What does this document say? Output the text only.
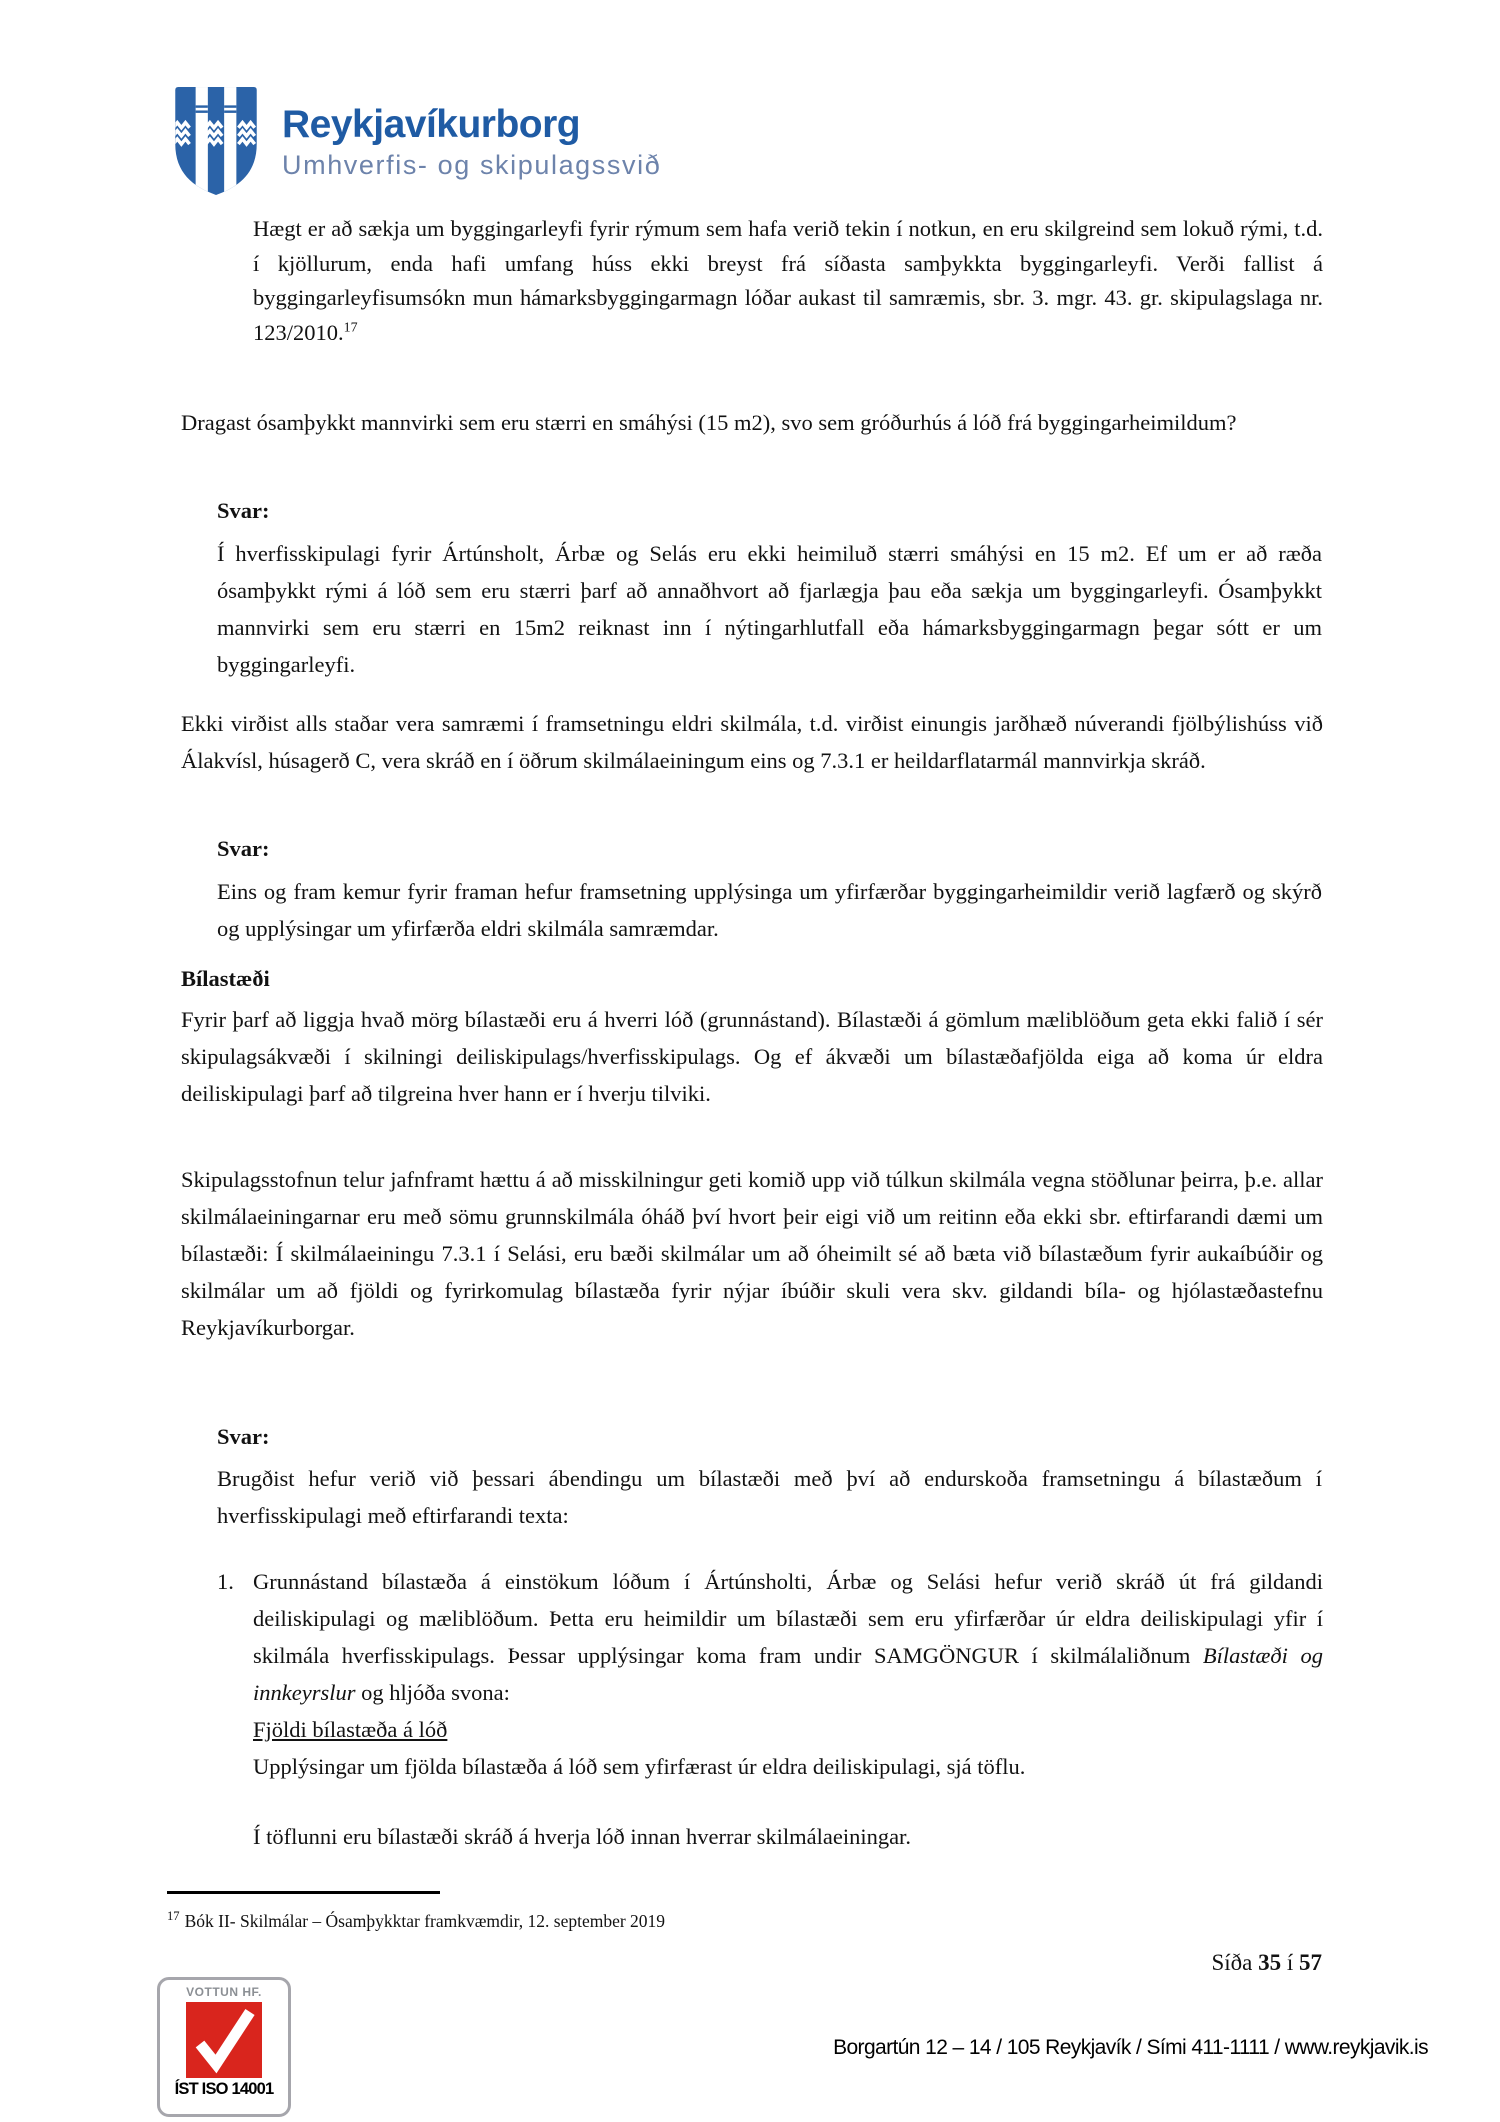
Reykjavíkurborg
Umhverfis- og skipulagssvið
Hægt er að sækja um byggingarleyfi fyrir rýmum sem hafa verið tekin í notkun, en eru skilgreind sem lokuð rými, t.d. í kjöllurum, enda hafi umfang húss ekki breyst frá síðasta samþykkta byggingarleyfi. Verði fallist á byggingarleyfisumsókn mun hámarksbyggingarmagn lóðar aukast til samræmis, sbr. 3. mgr. 43. gr. skipulagslaga nr. 123/2010.17
Dragast ósamþykkt mannvirki sem eru stærri en smáhýsi (15 m2), svo sem gróðurhús á lóð frá byggingarheimildum?
Svar:
Í hverfisskipulagi fyrir Ártúnsholt, Árbæ og Selás eru ekki heimiluð stærri smáhýsi en 15 m2. Ef um er að ræða ósamþykkt rými á lóð sem eru stærri þarf að annaðhvort að fjarlægja þau eða sækja um byggingarleyfi. Ósamþykkt mannvirki sem eru stærri en 15m2 reiknast inn í nýtingarhlutfall eða hámarksbyggingarmagn þegar sótt er um byggingarleyfi.
Ekki virðist alls staðar vera samræmi í framsetningu eldri skilmála, t.d. virðist einungis jarðhæð núverandi fjölbýlishúss við Álakvísl, húsagerð C, vera skráð en í öðrum skilmálaeiningum eins og 7.3.1 er heildarflatarmál mannvirkja skráð.
Svar:
Eins og fram kemur fyrir framan hefur framsetning upplýsinga um yfirfærðar byggingarheimildir verið lagfærð og skýrð og upplýsingar um yfirfærða eldri skilmála samræmdar.
Bílastæði
Fyrir þarf að liggja hvað mörg bílastæði eru á hverri lóð (grunnástand). Bílastæði á gömlum mæliblöðum geta ekki falið í sér skipulagsákvæði í skilningi deiliskipulags/hverfisskipulags. Og ef ákvæði um bílastæðafjölda eiga að koma úr eldra deiliskipulagi þarf að tilgreina hver hann er í hverju tilviki.
Skipulagsstofnun telur jafnframt hættu á að misskilningur geti komið upp við túlkun skilmála vegna stöðlunar þeirra, þ.e. allar skilmálaeiningarnar eru með sömu grunnskilmála óháð því hvort þeir eigi við um reitinn eða ekki sbr. eftirfarandi dæmi um bílastæði: Í skilmálaeiningu 7.3.1 í Selási, eru bæði skilmálar um að óheimilt sé að bæta við bílastæðum fyrir aukaíbúðir og skilmálar um að fjöldi og fyrirkomulag bílastæða fyrir nýjar íbúðir skuli vera skv. gildandi bíla- og hjólastæðastefnu Reykjavíkurborgar.
Svar:
Brugðist hefur verið við þessari ábendingu um bílastæði með því að endurskoða framsetningu á bílastæðum í hverfisskipulagi með eftirfarandi texta:
1. Grunnástand bílastæða á einstökum lóðum í Ártúnsholti, Árbæ og Selási hefur verið skráð út frá gildandi deiliskipulagi og mæliblöðum. Þetta eru heimildir um bílastæði sem eru yfirfærðar úr eldra deiliskipulagi yfir í skilmála hverfisskipulags. Þessar upplýsingar koma fram undir SAMGÖNGUR í skilmálaliðnum Bílastæði og innkeyrslur og hljóða svona:
Fjöldi bílastæða á lóð
Upplýsingar um fjölda bílastæða á lóð sem yfirfærast úr eldra deiliskipulagi, sjá töflu.
Í töflunni eru bílastæði skráð á hverja lóð innan hverrar skilmálaeiningar.
$^{17}$ Bók II- Skilmálar – Ósamþykktar framkvæmdir, 12. september 2019
Síða 35 í 57
VOTTUN HF.
ÍST ISO 14001
Borgartún 12 – 14 / 105 Reykjavík / Sími 411-1111 / www.reykjavik.is
